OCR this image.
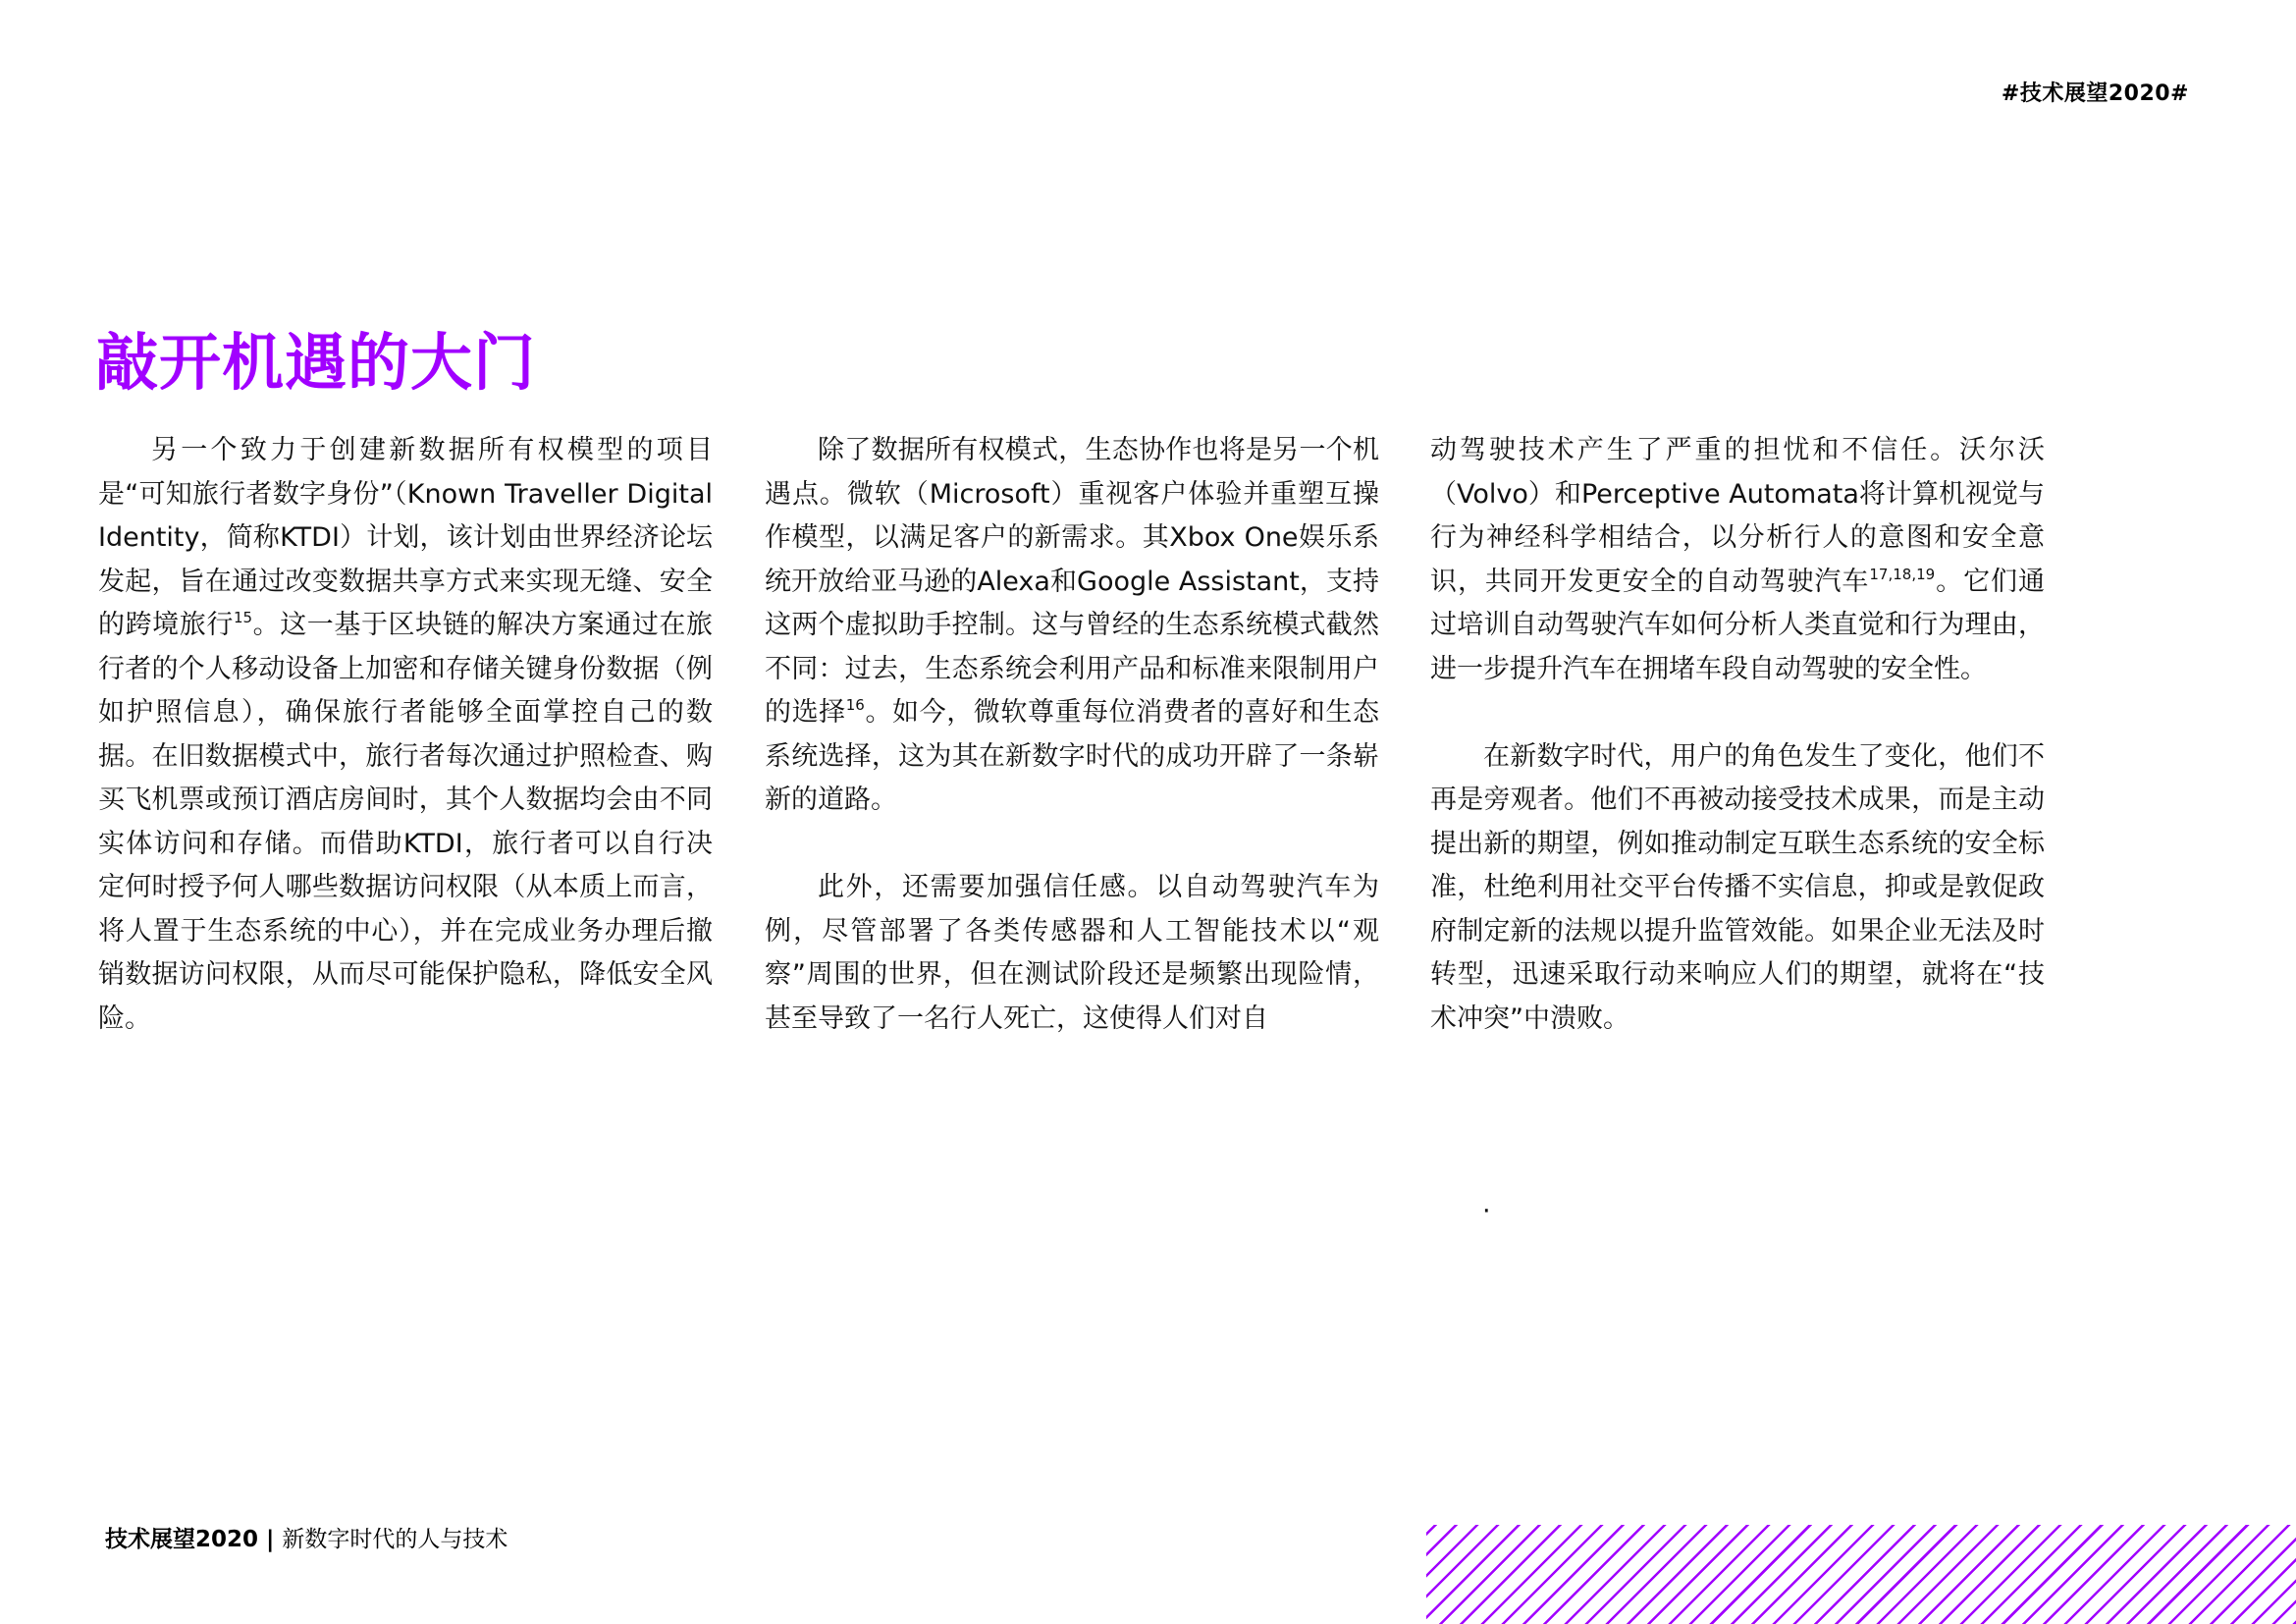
#技术展望2020#
敲开机遇的大门

另一个致力于创建新数据所有权模型的项目是“可知旅行者数字身份”（Known Traveller Digital Identity，简称KTDI）计划，该计划由世界经济论坛发起，旨在通过改变数据共享方式来实现无缝、安全的跨境旅行$^{15}$。这一基于区块链的解决方案通过在旅行者的个人移动设备上加密和存储关键身份数据（例如护照信息），确保旅行者能够全面掌控自己的数据。在旧数据模式中，旅行者每次通过护照检查、购买飞机票或预订酒店房间时，其个人数据均会由不同实体访问和存储。而借助KTDI，旅行者可以自行决定何时授予何人哪些数据访问权限（从本质上而言，将人置于生态系统的中心），并在完成业务办理后撤销数据访问权限，从而尽可能保护隐私，降低安全风险。

除了数据所有权模式，生态协作也将是另一个机遇点。微软（Microsoft）重视客户体验并重塑互操作模型，以满足客户的新需求。其Xbox One娱乐系统开放给亚马逊的Alexa和Google Assistant，支持这两个虚拟助手控制。这与曾经的生态系统模式截然不同：过去，生态系统会利用产品和标准来限制用户的选择$^{16}$。如今，微软尊重每位消费者的喜好和生态系统选择，这为其在新数字时代的成功开辟了一条崭新的道路。

此外，还需要加强信任感。以自动驾驶汽车为例，尽管部署了各类传感器和人工智能技术以“观察”周围的世界，但在测试阶段还是频繁出现险情，甚至导致了一名行人死亡，这使得人们对自

动驾驶技术产生了严重的担忧和不信任。沃尔沃（Volvo）和Perceptive Automata将计算机视觉与行为神经科学相结合，以分析行人的意图和安全意识，共同开发更安全的自动驾驶汽车$^{17,18,19}$。它们通过培训自动驾驶汽车如何分析人类直觉和行为理由，进一步提升汽车在拥堵车段自动驾驶的安全性。

在新数字时代，用户的角色发生了变化，他们不再是旁观者。他们不再被动接受技术成果，而是主动提出新的期望，例如推动制定互联生态系统的安全标准，杜绝利用社交平台传播不实信息，抑或是敦促政府制定新的法规以提升监管效能。如果企业无法及时转型，迅速采取行动来响应人们的期望，就将在“技术冲突”中溃败。

·
技术展望2020 | 新数字时代的人与技术
